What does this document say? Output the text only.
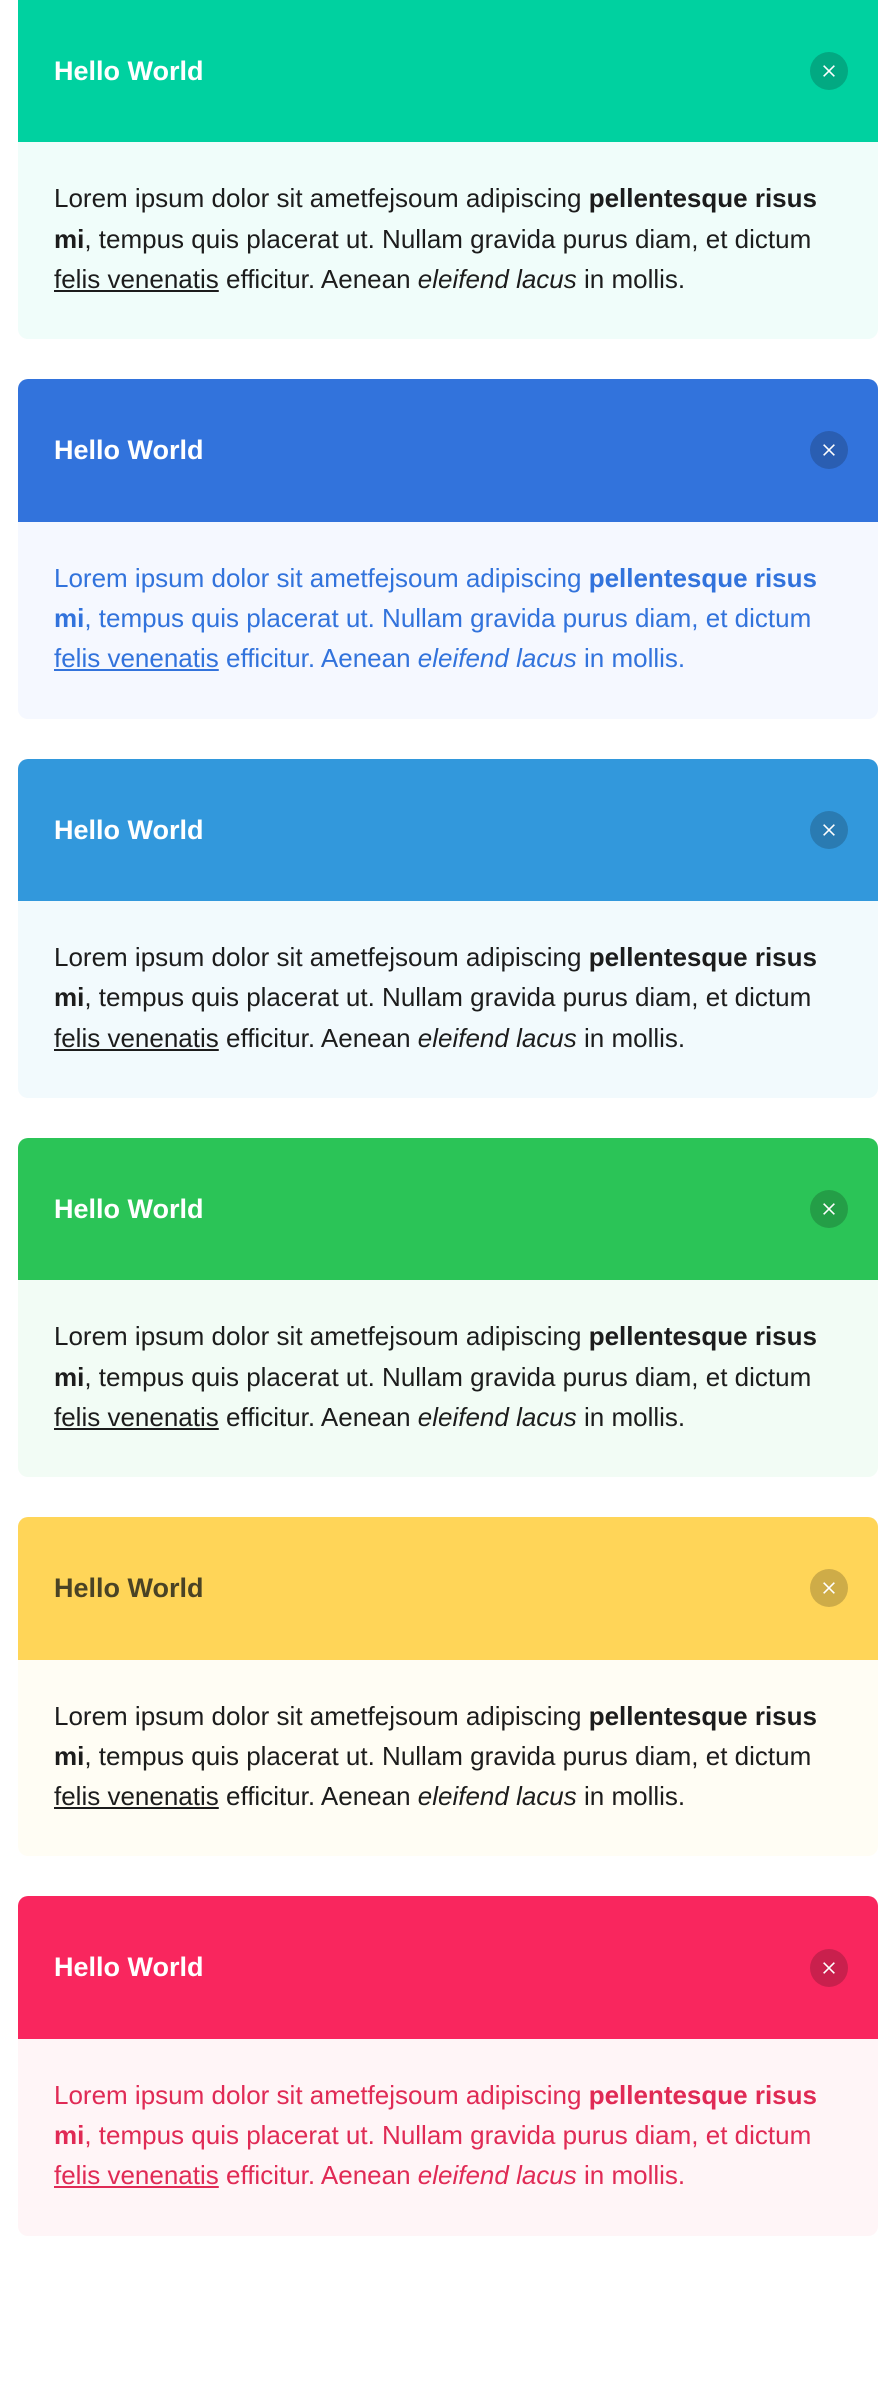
Hello World

Lorem ipsum dolor sit ametfejsoum adipiscing pellentesque risus mi, tempus quis placerat ut. Nullam gravida purus diam, et dictum felis venenatis efficitur. Aenean eleifend lacus in mollis.

Hello World

Lorem ipsum dolor sit ametfejsoum adipiscing pellentesque risus mi, tempus quis placerat ut. Nullam gravida purus diam, et dictum felis venenatis efficitur. Aenean eleifend lacus in mollis.

Hello World

Lorem ipsum dolor sit ametfejsoum adipiscing pellentesque risus mi, tempus quis placerat ut. Nullam gravida purus diam, et dictum felis venenatis efficitur. Aenean eleifend lacus in mollis.

Hello World

Lorem ipsum dolor sit ametfejsoum adipiscing pellentesque risus mi, tempus quis placerat ut. Nullam gravida purus diam, et dictum felis venenatis efficitur. Aenean eleifend lacus in mollis.

Hello World

Lorem ipsum dolor sit ametfejsoum adipiscing pellentesque risus mi, tempus quis placerat ut. Nullam gravida purus diam, et dictum felis venenatis efficitur. Aenean eleifend lacus in mollis.

Hello World

Lorem ipsum dolor sit ametfejsoum adipiscing pellentesque risus mi, tempus quis placerat ut. Nullam gravida purus diam, et dictum felis venenatis efficitur. Aenean eleifend lacus in mollis.
